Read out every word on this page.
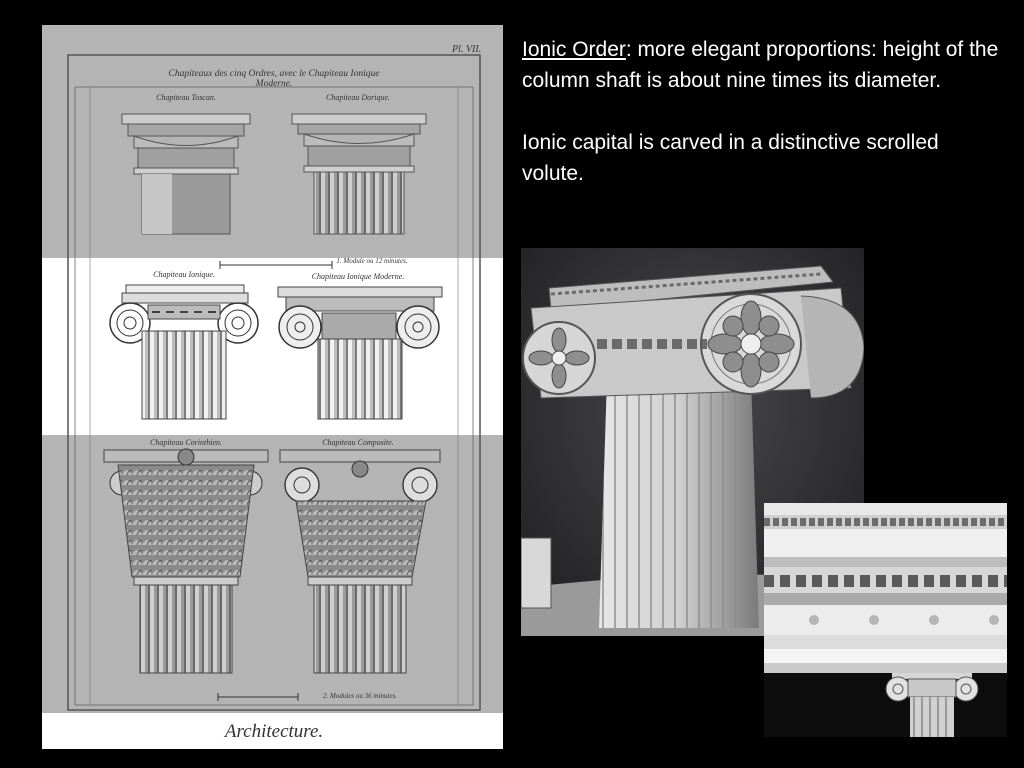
Pl. VII.
Chapiteaux des cinq Ordres, avec le Chapiteau Ionique
Moderne.
Chapiteau Toscan.	Chapiteau Dorique.
1. Module ou 12 minutes.
Chapiteau Ionique.	Chapiteau Ionique Moderne.
Chapiteau Corinthien.	Chapiteau Composite.
2. Modules ou 36 minutes.
Architecture.

Ionic Order: more elegant proportions: height of the column shaft is about nine times its diameter.

Ionic capital is carved in a distinctive scrolled volute.
